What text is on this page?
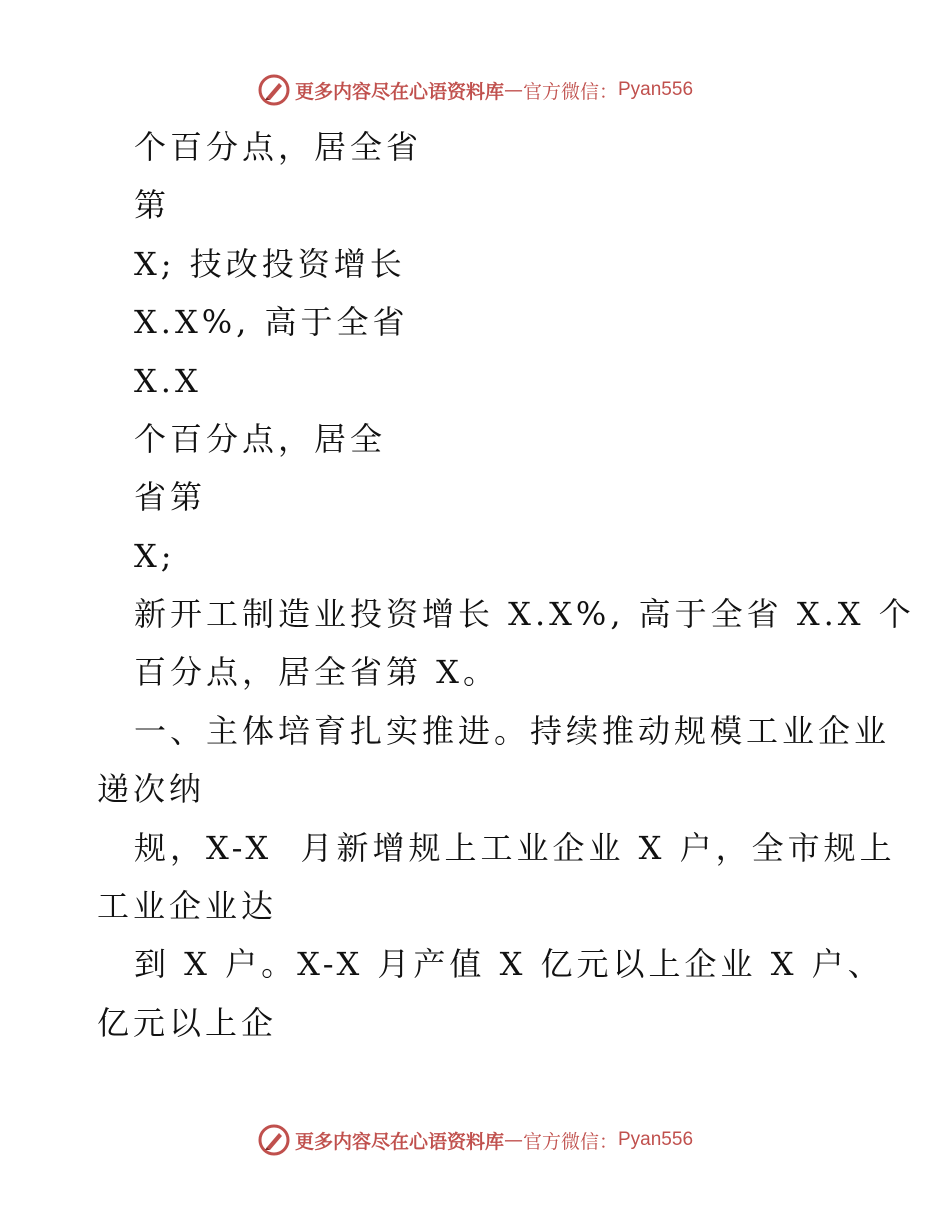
更多内容尽在心语资料库 — 官方微信： Pyan556
个百分点，居全省
第
X; 技改投资增长
X.X%, 高于全省
X.X
个百分点，居全
省第
X;
新开工制造业投资增长 X.X%, 高于全省 X.X 个
百分点，居全省第 X。
一、主体培育扎实推进。持续推动规模工业企业
递次纳
规，X-X  月新增规上工业企业 X 户，全市规上
工业企业达
到 X 户。X-X 月产值 X 亿元以上企业 X 户、
亿元以上企
更多内容尽在心语资料库 — 官方微信： Pyan556
